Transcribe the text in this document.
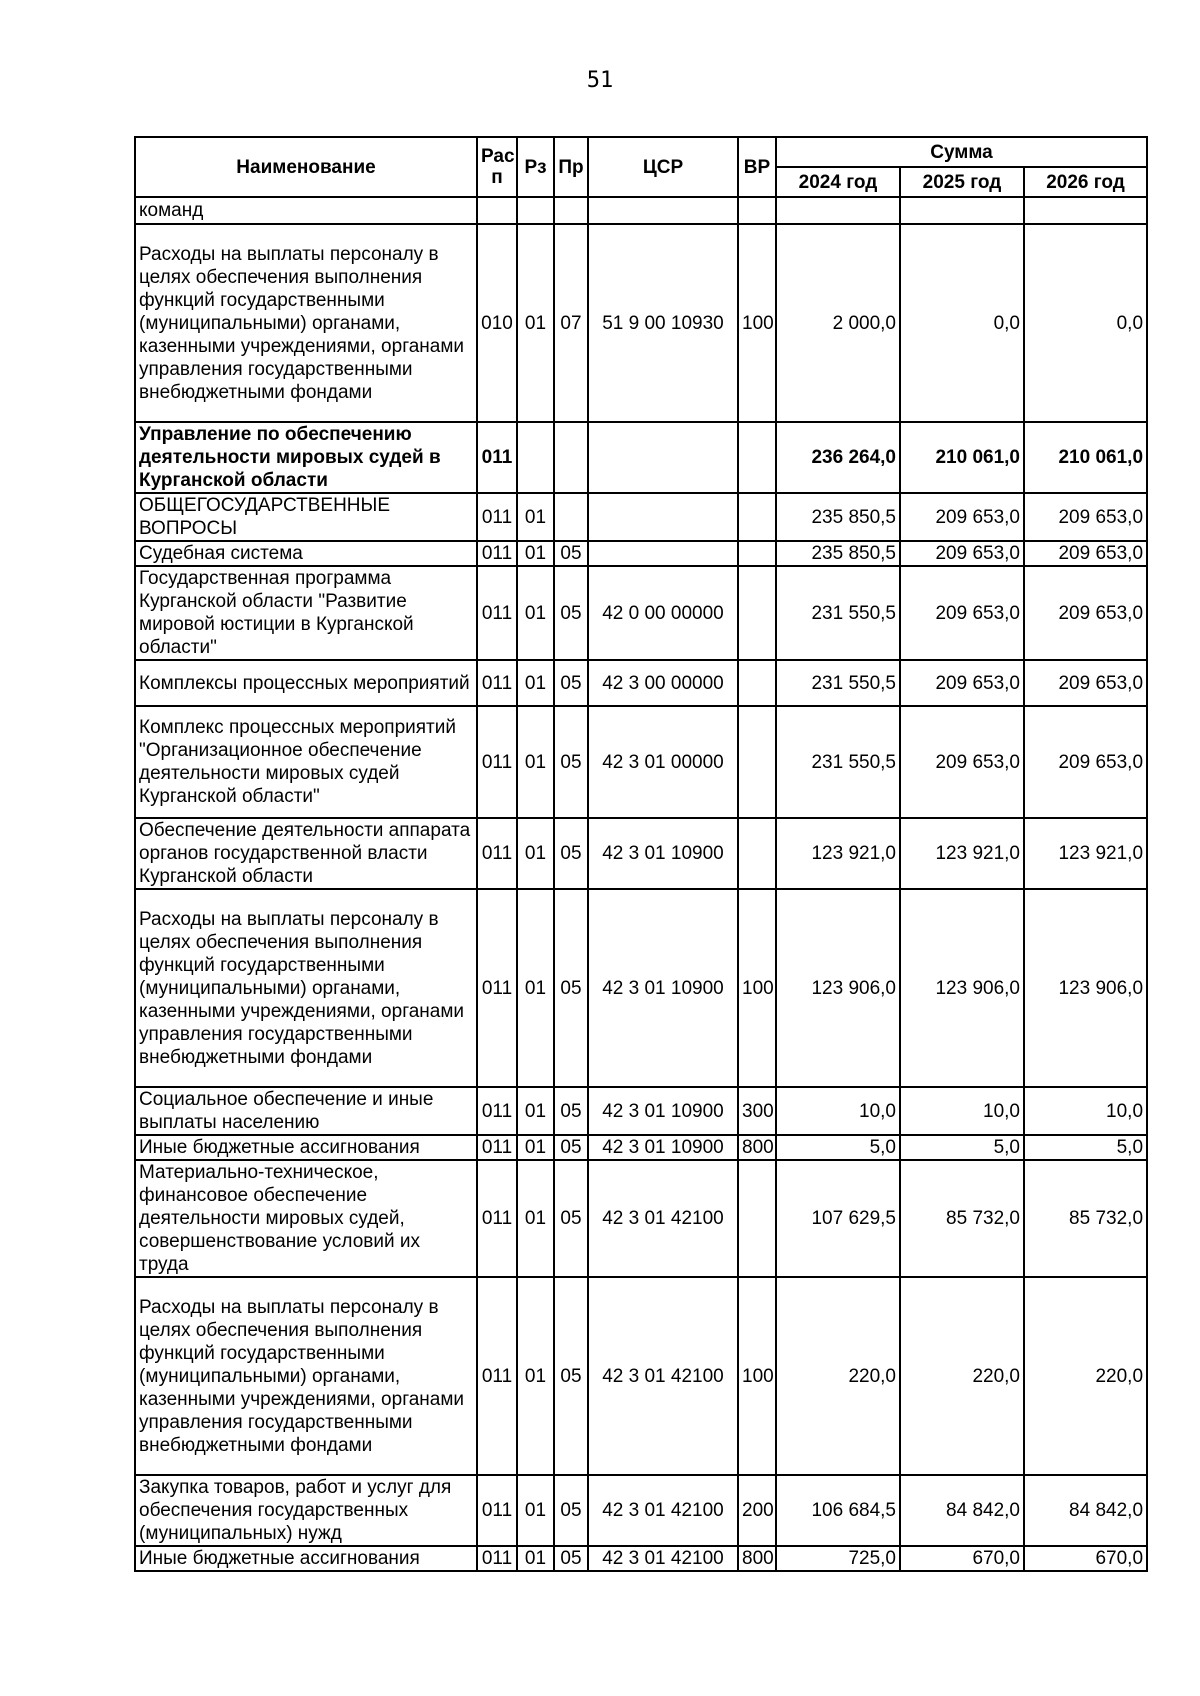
51
Наименование	Рас п	Рз	Пр	ЦСР	ВР	Сумма		
						2024 год	2025 год	2026 год
команд								
Расходы на выплаты персоналу в целях обеспечения выполнения функций государственными (муниципальными) органами, казенными учреждениями, органами управления государственными внебюджетными фондами	010	01	07	51 9 00 10930	100	2 000,0	0,0	0,0
Управление по обеспечению деятельности мировых судей в Курганской области	011					236 264,0	210 061,0	210 061,0
ОБЩЕГОСУДАРСТВЕННЫЕ ВОПРОСЫ	011	01				235 850,5	209 653,0	209 653,0
Судебная система	011	01	05			235 850,5	209 653,0	209 653,0
Государственная программа Курганской области "Развитие мировой юстиции в Курганской области"	011	01	05	42 0 00 00000		231 550,5	209 653,0	209 653,0
Комплексы процессных мероприятий	011	01	05	42 3 00 00000		231 550,5	209 653,0	209 653,0
Комплекс процессных мероприятий "Организационное обеспечение деятельности мировых судей Курганской области"	011	01	05	42 3 01 00000		231 550,5	209 653,0	209 653,0
Обеспечение деятельности аппарата органов государственной власти Курганской области	011	01	05	42 3 01 10900		123 921,0	123 921,0	123 921,0
Расходы на выплаты персоналу в целях обеспечения выполнения функций государственными (муниципальными) органами, казенными учреждениями, органами управления государственными внебюджетными фондами	011	01	05	42 3 01 10900	100	123 906,0	123 906,0	123 906,0
Социальное обеспечение и иные выплаты населению	011	01	05	42 3 01 10900	300	10,0	10,0	10,0
Иные бюджетные ассигнования	011	01	05	42 3 01 10900	800	5,0	5,0	5,0
Материально-техническое, финансовое обеспечение деятельности мировых судей, совершенствование условий их труда	011	01	05	42 3 01 42100		107 629,5	85 732,0	85 732,0
Расходы на выплаты персоналу в целях обеспечения выполнения функций государственными (муниципальными) органами, казенными учреждениями, органами управления государственными внебюджетными фондами	011	01	05	42 3 01 42100	100	220,0	220,0	220,0
Закупка товаров, работ и услуг для обеспечения государственных (муниципальных) нужд	011	01	05	42 3 01 42100	200	106 684,5	84 842,0	84 842,0
Иные бюджетные ассигнования	011	01	05	42 3 01 42100	800	725,0	670,0	670,0
